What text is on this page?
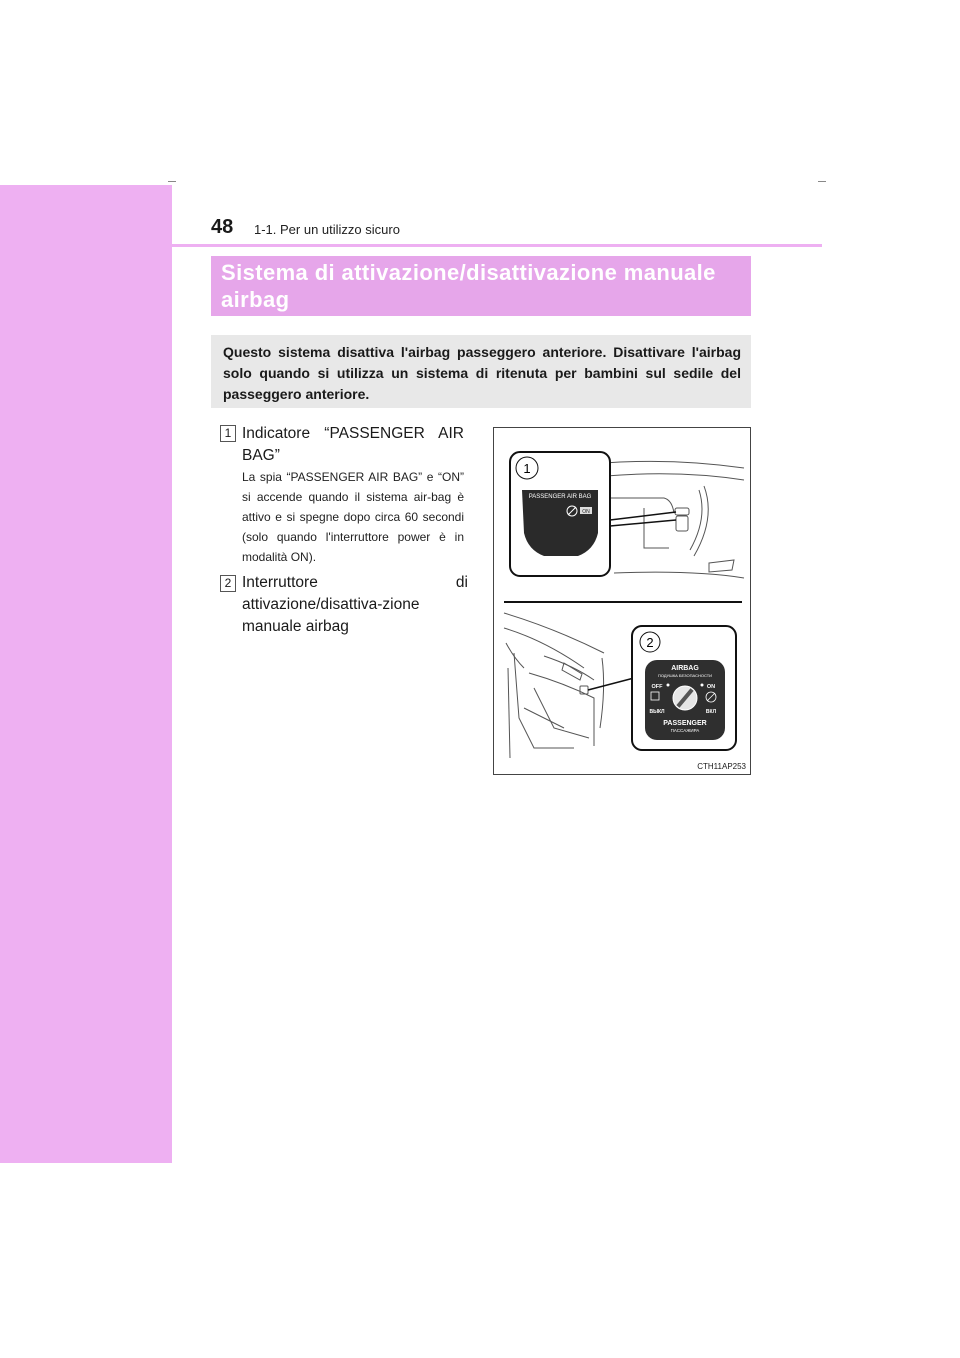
48 1-1. Per un utilizzo sicuro
Sistema di attivazione/disattivazione manuale airbag
Questo sistema disattiva l'airbag passeggero anteriore. Disattivare l'airbag solo quando si utilizza un sistema di ritenuta per bambini sul sedile del passeggero anteriore.
1 Indicatore “PASSENGER AIR BAG”
La spia “PASSENGER AIR BAG” e “ON” si accende quando il sistema air-bag è attivo e si spegne dopo circa 60 secondi (solo quando l'interruttore power è in modalità ON).
2 Interruttore di attivazione/disattiva-zione manuale airbag
1
PASSENGER AIR BAG
ON
2
AIRBAG
ПОДУШКА БЕЗОПАСНОСТИ
OFF	ON
ВЫКЛ	ВКЛ
PASSENGER
ПАССАЖИРА
CTH11AP253
